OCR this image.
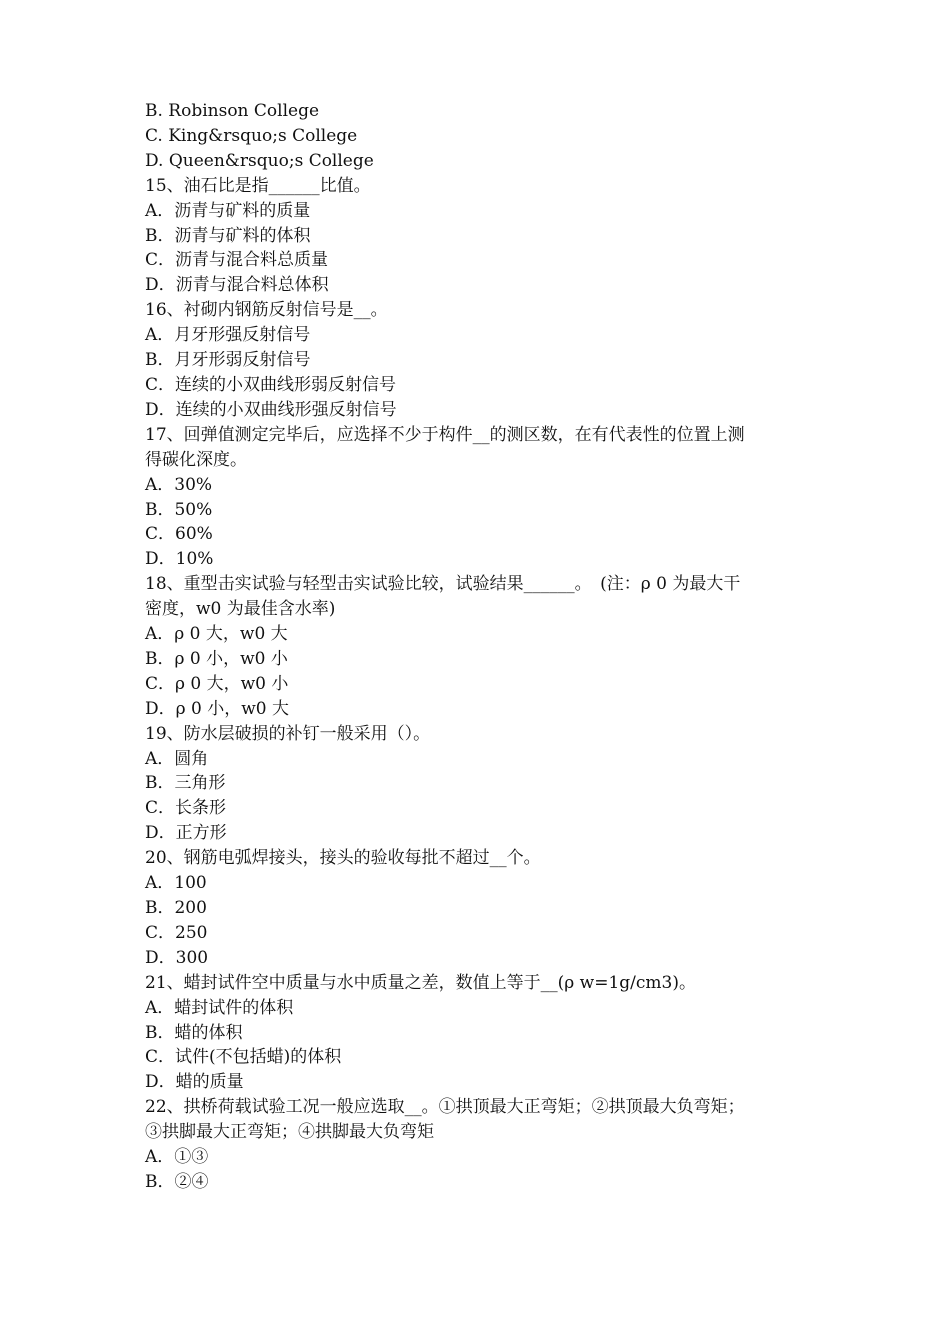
B. Robinson College
C. King&rsquo;s College
D. Queen&rsquo;s College
15、油石比是指______比值。
A．沥青与矿料的质量
B．沥青与矿料的体积
C．沥青与混合料总质量
D．沥青与混合料总体积
16、衬砌内钢筋反射信号是__。
A．月牙形强反射信号
B．月牙形弱反射信号
C．连续的小双曲线形弱反射信号
D．连续的小双曲线形强反射信号
17、回弹值测定完毕后，应选择不少于构件__的测区数，在有代表性的位置上测
得碳化深度。
A．30%
B．50%
C．60%
D．10%
18、重型击实试验与轻型击实试验比较，试验结果______。　(注：ρ 0 为最大干
密度，w0 为最佳含水率)
A．ρ 0 大，w0 大
B．ρ 0 小，w0 小
C．ρ 0 大，w0 小
D．ρ 0 小，w0 大
19、防水层破损的补钉一般采用（）。
A．圆角
B．三角形
C．长条形
D．正方形
20、钢筋电弧焊接头，接头的验收每批不超过__个。
A．100
B．200
C．250
D．300
21、蜡封试件空中质量与水中质量之差，数值上等于__(ρ w=1g/cm3)。
A．蜡封试件的体积
B．蜡的体积
C．试件(不包括蜡)的体积
D．蜡的质量
22、拱桥荷载试验工况一般应选取__。①拱顶最大正弯矩；②拱顶最大负弯矩；
③拱脚最大正弯矩；④拱脚最大负弯矩
A．①③
B．②④
